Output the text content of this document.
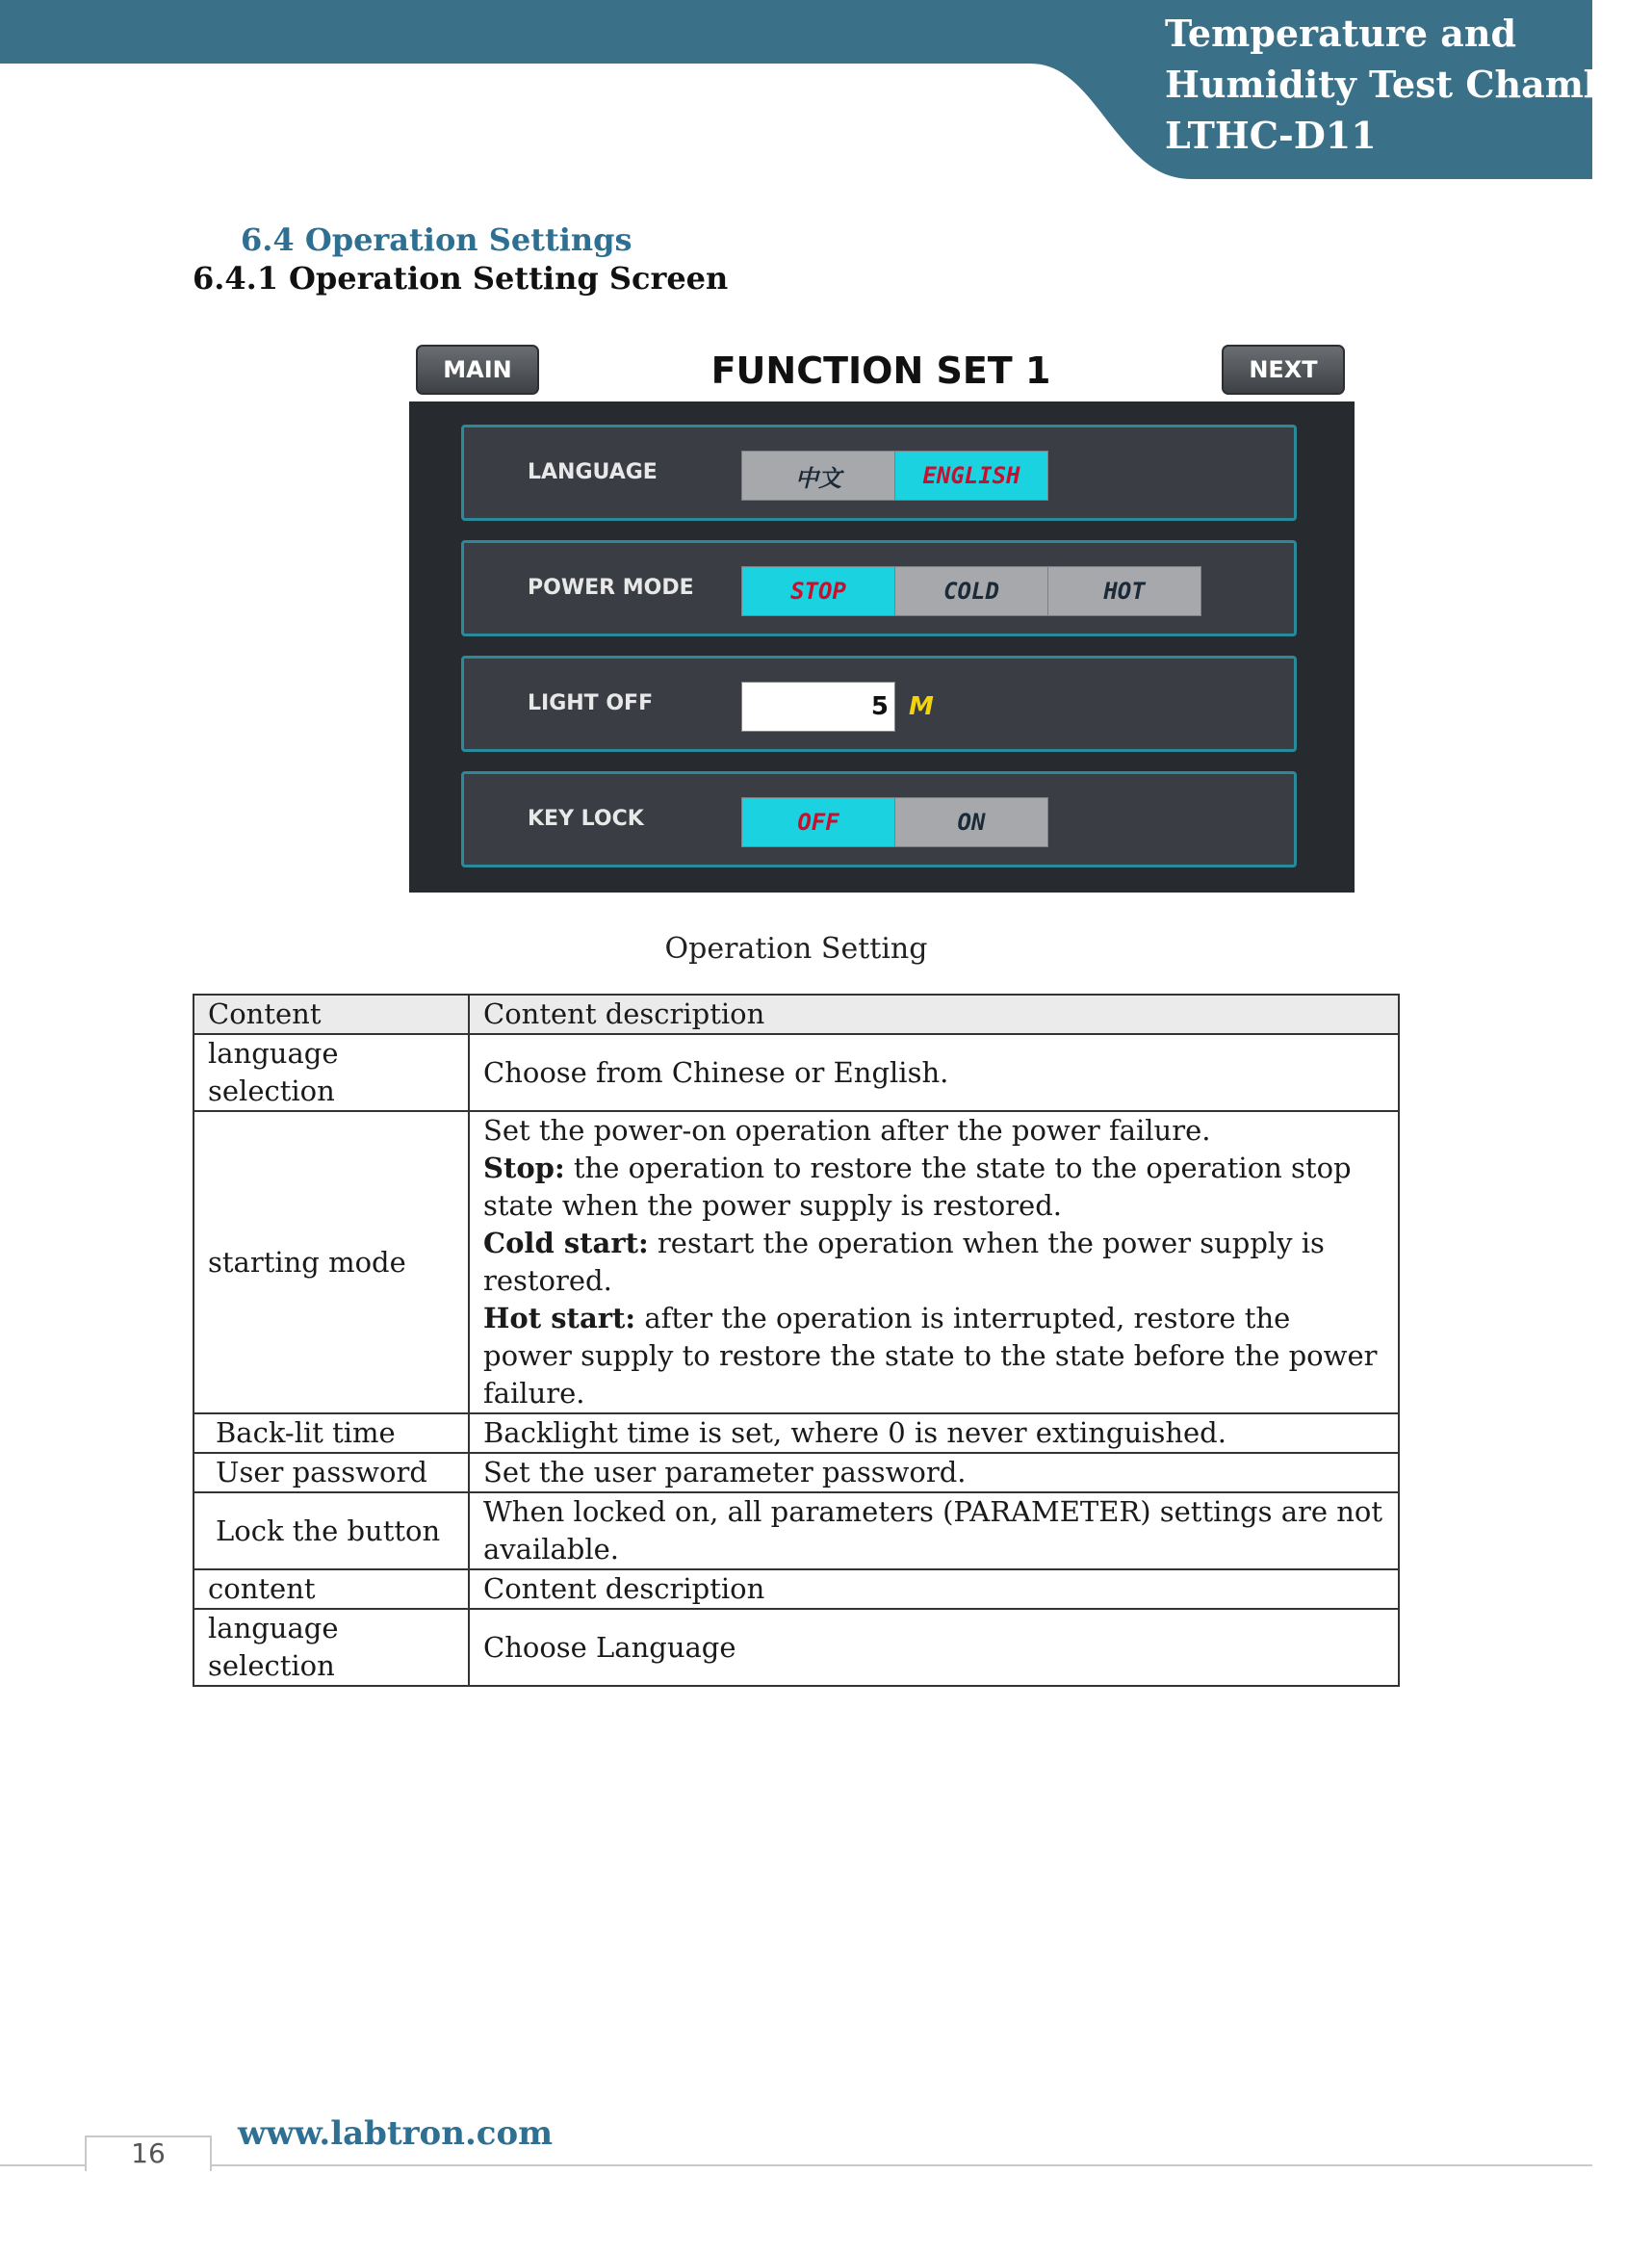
Temperature and
Humidity Test Chamber
LTHC-D11
6.4 Operation Settings
6.4.1 Operation Setting Screen
MAIN	FUNCTION SET 1	NEXT
LANGUAGE	中文	ENGLISH
POWER MODE	STOP	COLD	HOT
LIGHT OFF	5 M
KEY LOCK	OFF	ON
Operation Setting
Content	Content description
language selection	Choose from Chinese or English.
starting mode	Set the power-on operation after the power failure.
Stop: the operation to restore the state to the operation stop state when the power supply is restored.
Cold start: restart the operation when the power supply is restored.
Hot start: after the operation is interrupted, restore the power supply to restore the state to the state before the power failure.

Back-lit time	Backlight time is set, where 0 is never extinguished.
User password	Set the user parameter password.
Lock the button	When locked on, all parameters (PARAMETER) settings are not available.
content	Content description
language selection	Choose Language
16
www.labtron.com
